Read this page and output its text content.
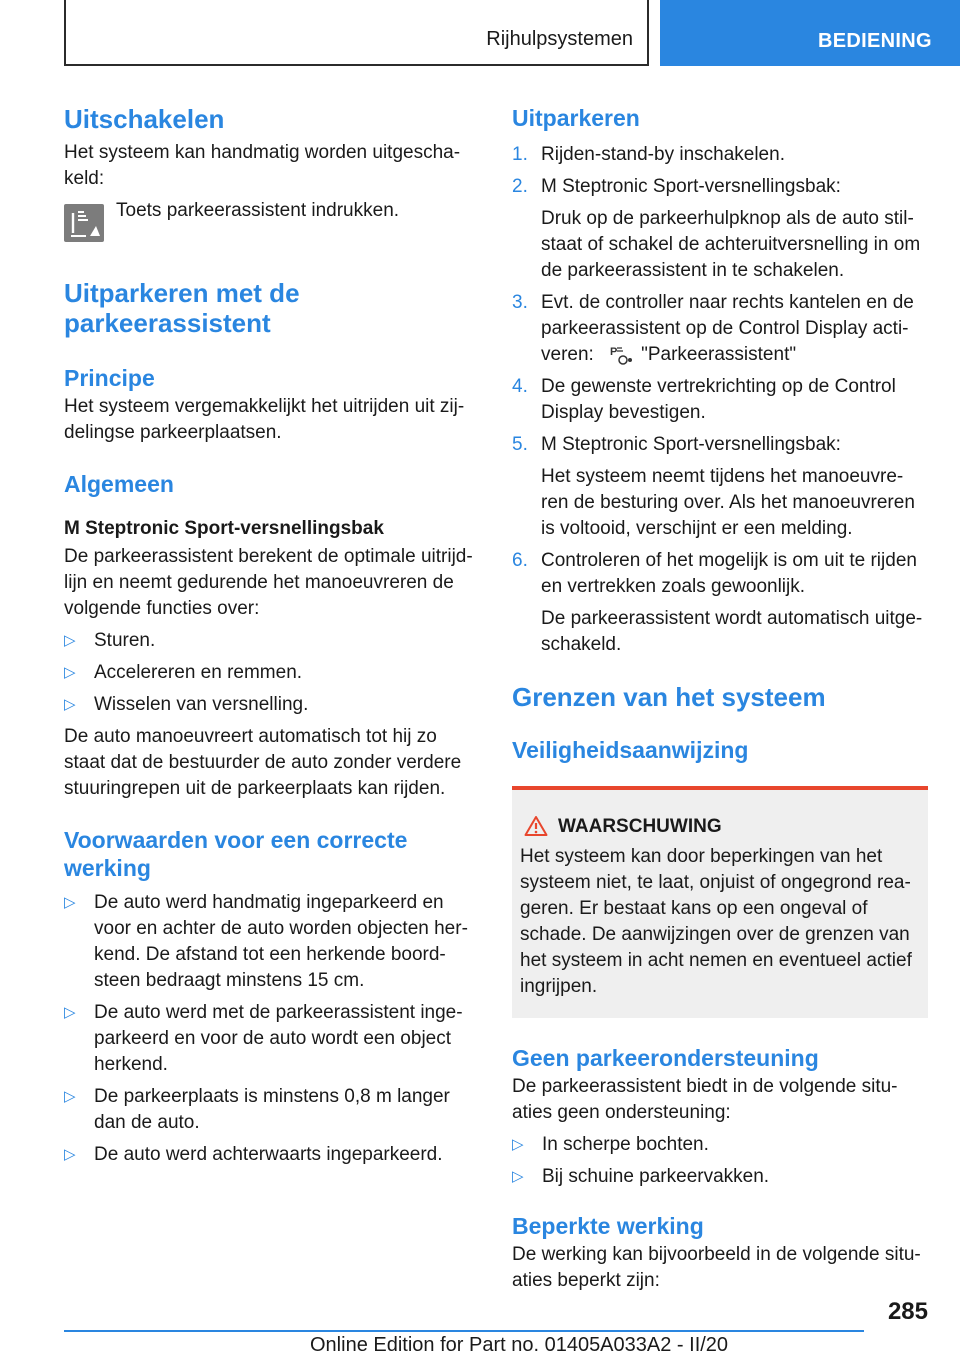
Rijhulpsystemen	BEDIENING
Uitschakelen
Het systeem kan handmatig worden uitgescha-keld:
Toets parkeerassistent indrukken.
Uitparkeren met de parkeerassistent
Principe
Het systeem vergemakkelijkt het uitrijden uit zij-delingse parkeerplaatsen.
Algemeen
M Steptronic Sport-versnellingsbak
De parkeerassistent berekent de optimale uitrijd-lijn en neemt gedurende het manoeuvreren de volgende functies over:
▷ Sturen.
▷ Accelereren en remmen.
▷ Wisselen van versnelling.
De auto manoeuvreert automatisch tot hij zo staat dat de bestuurder de auto zonder verdere stuuringrepen uit de parkeerplaats kan rijden.
Voorwaarden voor een correcte werking
▷ De auto werd handmatig ingeparkeerd en voor en achter de auto worden objecten her-kend. De afstand tot een herkende boord-steen bedraagt minstens 15 cm.
▷ De auto werd met de parkeerassistent inge-parkeerd en voor de auto wordt een object herkend.
▷ De parkeerplaats is minstens 0,8 m langer dan de auto.
▷ De auto werd achterwaarts ingeparkeerd.
Uitparkeren
1. Rijden-stand-by inschakelen.
2. M Steptronic Sport-versnellingsbak:
Druk op de parkeerhulpknop als de auto stil-staat of schakel de achteruitversnelling in om de parkeerassistent in te schakelen.
3. Evt. de controller naar rechts kantelen en de parkeerassistent op de Control Display acti-veren: P "Parkeerassistent"
4. De gewenste vertrekrichting op de Control Display bevestigen.
5. M Steptronic Sport-versnellingsbak:
Het systeem neemt tijdens het manoeuvre-ren de besturing over. Als het manoeuvreren is voltooid, verschijnt er een melding.
6. Controleren of het mogelijk is om uit te rijden en vertrekken zoals gewoonlijk.
De parkeerassistent wordt automatisch uitge-schakeld.
Grenzen van het systeem
Veiligheidsaanwijzing
WAARSCHUWING
Het systeem kan door beperkingen van het systeem niet, te laat, onjuist of ongegrond rea-geren. Er bestaat kans op een ongeval of schade. De aanwijzingen over de grenzen van het systeem in acht nemen en eventueel actief ingrijpen.
Geen parkeerondersteuning
De parkeerassistent biedt in de volgende situ-aties geen ondersteuning:
▷ In scherpe bochten.
▷ Bij schuine parkeervakken.
Beperkte werking
De werking kan bijvoorbeeld in de volgende situ-aties beperkt zijn:
285
Online Edition for Part no. 01405A033A2 - II/20
